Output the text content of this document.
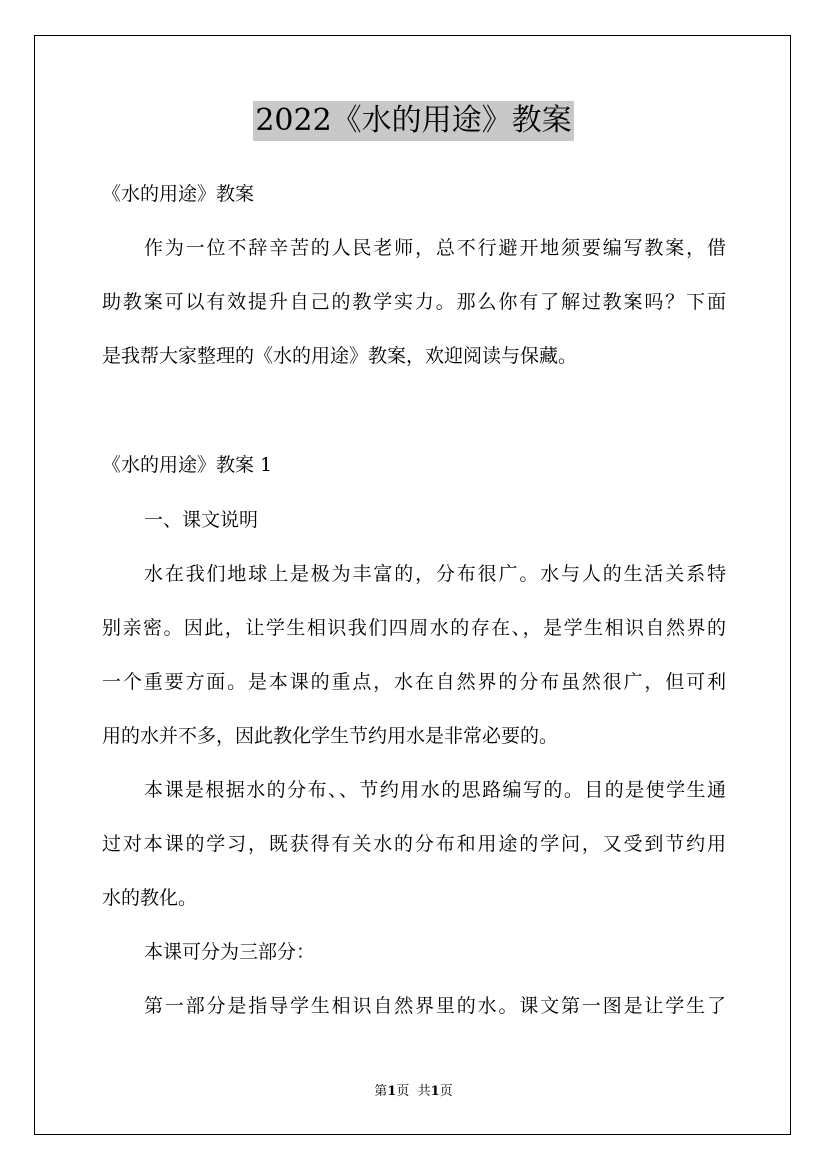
2022《水的用途》教案
《水的用途》教案
作为一位不辞辛苦的人民老师，总不行避开地须要编写教案，借
助教案可以有效提升自己的教学实力。那么你有了解过教案吗？下面
是我帮大家整理的《水的用途》教案，欢迎阅读与保藏。
《水的用途》教案 1
一、课文说明
水在我们地球上是极为丰富的，分布很广。水与人的生活关系特
别亲密。因此，让学生相识我们四周水的存在、，是学生相识自然界的
一个重要方面。是本课的重点，水在自然界的分布虽然很广，但可利
用的水并不多，因此教化学生节约用水是非常必要的。
本课是根据水的分布、、节约用水的思路编写的。目的是使学生通
过对本课的学习，既获得有关水的分布和用途的学问，又受到节约用
水的教化。
本课可分为三部分：
第一部分是指导学生相识自然界里的水。课文第一图是让学生了
第1页 共1页
